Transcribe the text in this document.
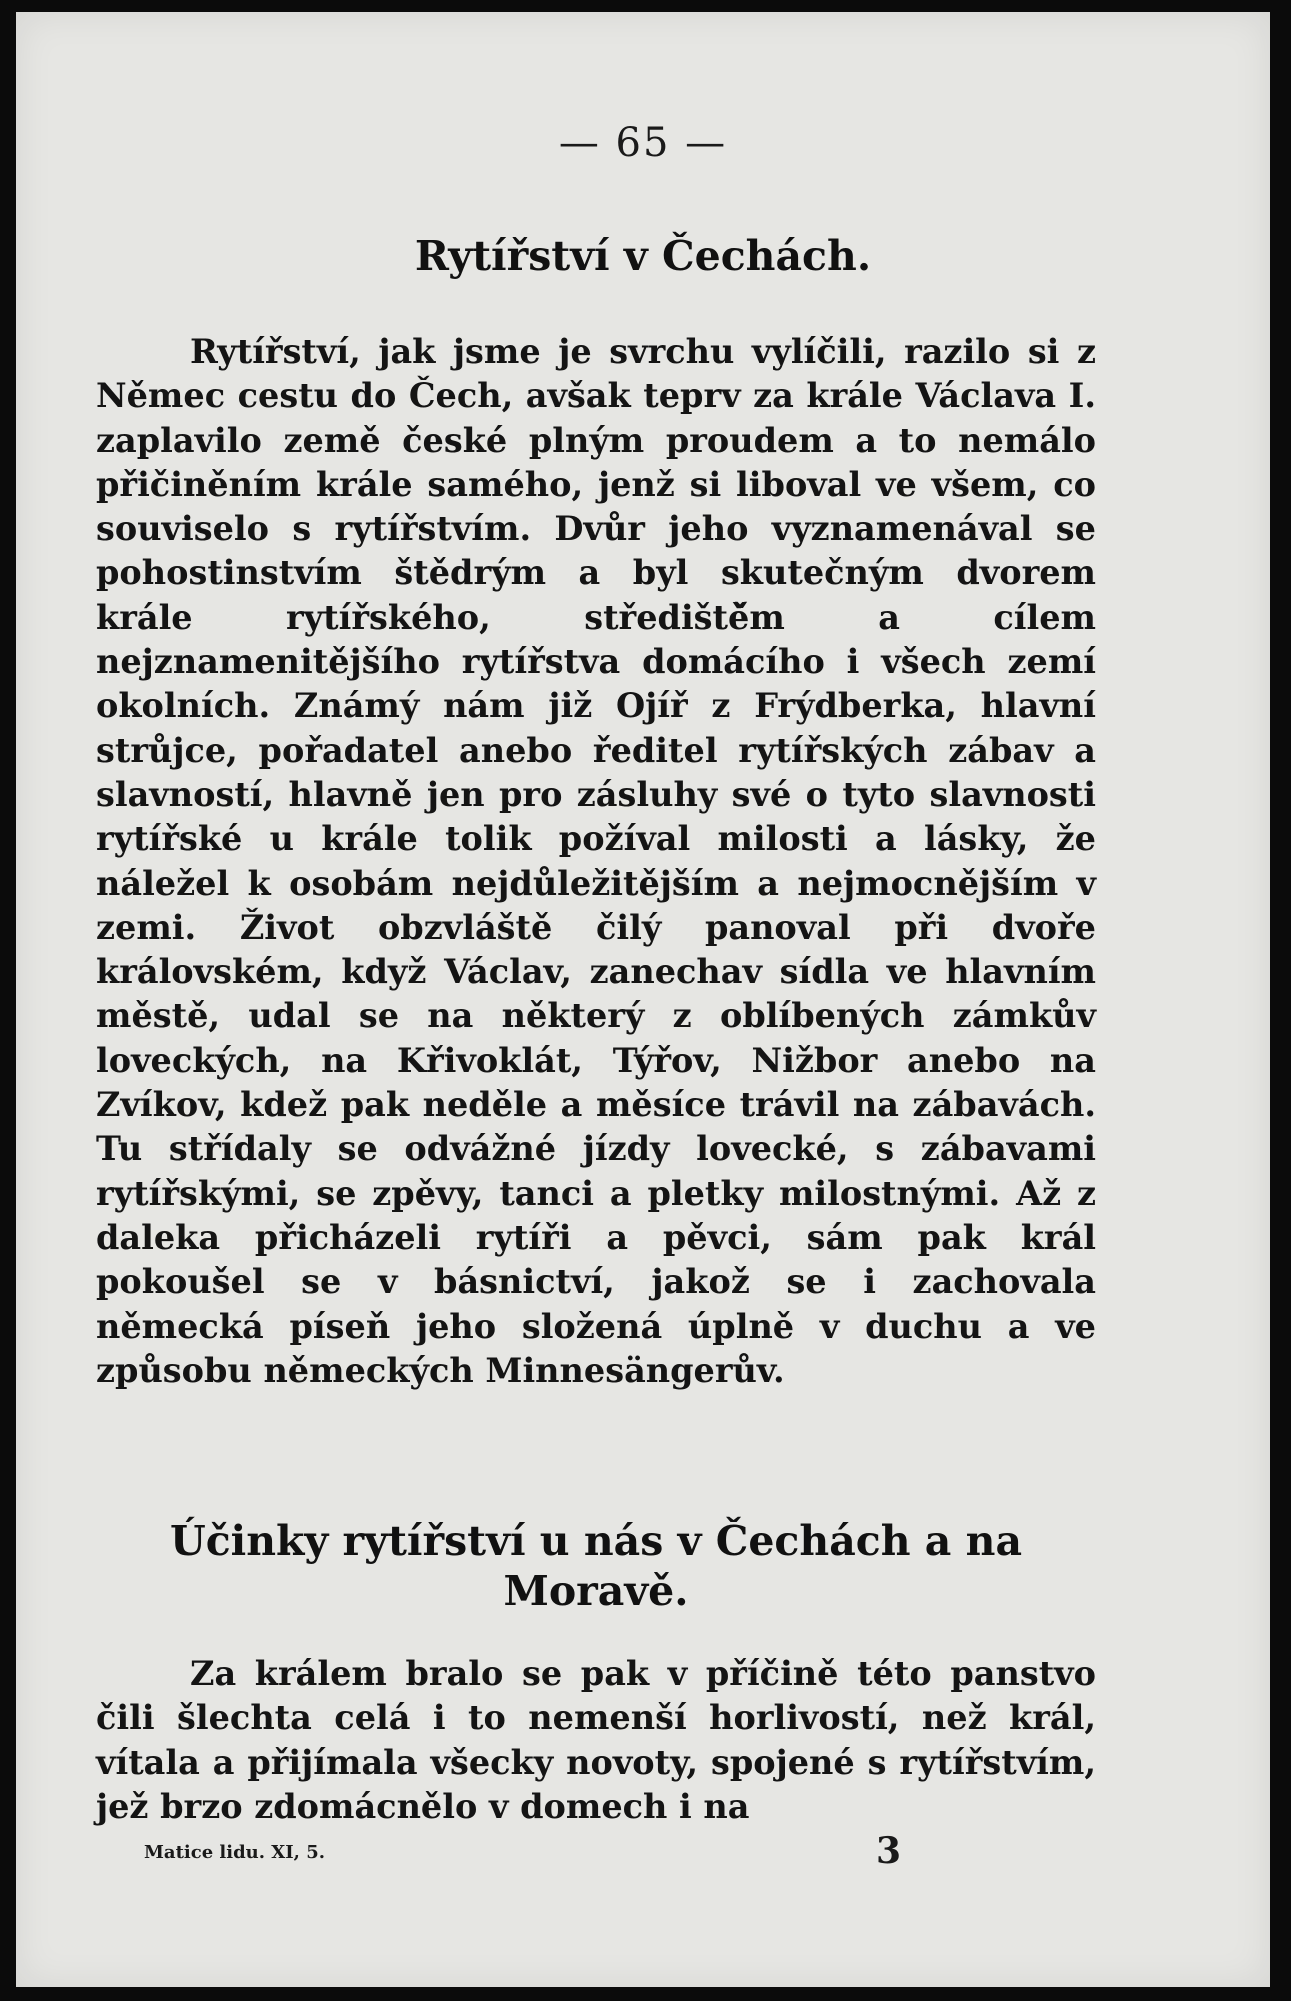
— 65 —
Rytířství v Čechách.

Rytířství, jak jsme je svrchu vylíčili, razilo si z Němec cestu do Čech, avšak teprv za krále Václava I. zaplavilo země české plným proudem a to nemálo přičiněním krále samého, jenž si liboval ve všem, co souviselo s rytířstvím. Dvůr jeho vyznamenával se pohostinstvím štědrým a byl skutečným dvorem krále rytířského, střediště̌m a cílem nejznamenitějšího rytířstva domácího i všech zemí okolních. Známý nám již Ojíř z Frýdberka, hlavní strůjce, pořadatel anebo ředitel rytířských zábav a slavností, hlavně jen pro zásluhy své o tyto slavnosti rytířské u krále tolik požíval milosti a lásky, že náležel k osobám nejdůležitějším a nejmocnějším v zemi. Život obzvláště čilý panoval při dvoře královském, když Václav, zanechav sídla ve hlavním městě, udal se na některý z oblíbených zámkův loveckých, na Křivoklát, Týřov, Nižbor anebo na Zvíkov, kdež pak neděle a měsíce trávil na zábavách. Tu střídaly se odvážné jízdy lovecké, s zábavami rytířskými, se zpěvy, tanci a pletky milostnými. Až z daleka přicházeli rytíři a pěvci, sám pak král pokoušel se v básnictví, jakož se i zachovala německá píseň jeho složená úplně v duchu a ve způsobu německých Minnesängerův.

Účinky rytířství u nás v Čechách a na Moravě.

Za králem bralo se pak v příčině této panstvo čili šlechta celá i to nemenší horlivostí, než král, vítala a přijímala všecky novoty, spojené s rytířstvím, jež brzo zdomácnělo v domech i na

Matice lidu. XI, 5.	3
